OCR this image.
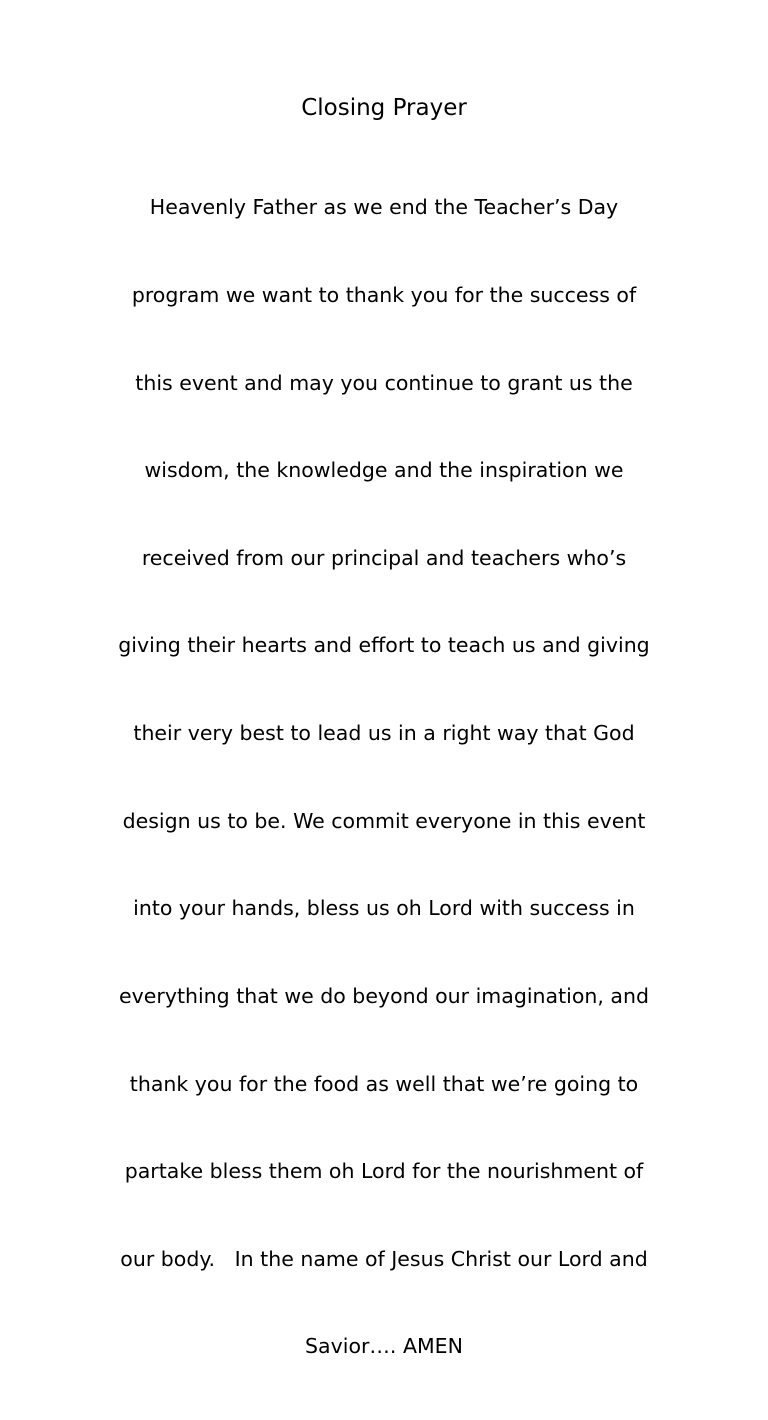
Closing Prayer

Heavenly Father as we end the Teacher’s Day

program we want to thank you for the success of

this event and may you continue to grant us the

wisdom, the knowledge and the inspiration we

received from our principal and teachers who’s

giving their hearts and effort to teach us and giving

their very best to lead us in a right way that God

design us to be. We commit everyone in this event

into your hands, bless us oh Lord with success in

everything that we do beyond our imagination, and

thank you for the food as well that we’re going to

partake bless them oh Lord for the nourishment of

our body.   In the name of Jesus Christ our Lord and

Savior…. AMEN
